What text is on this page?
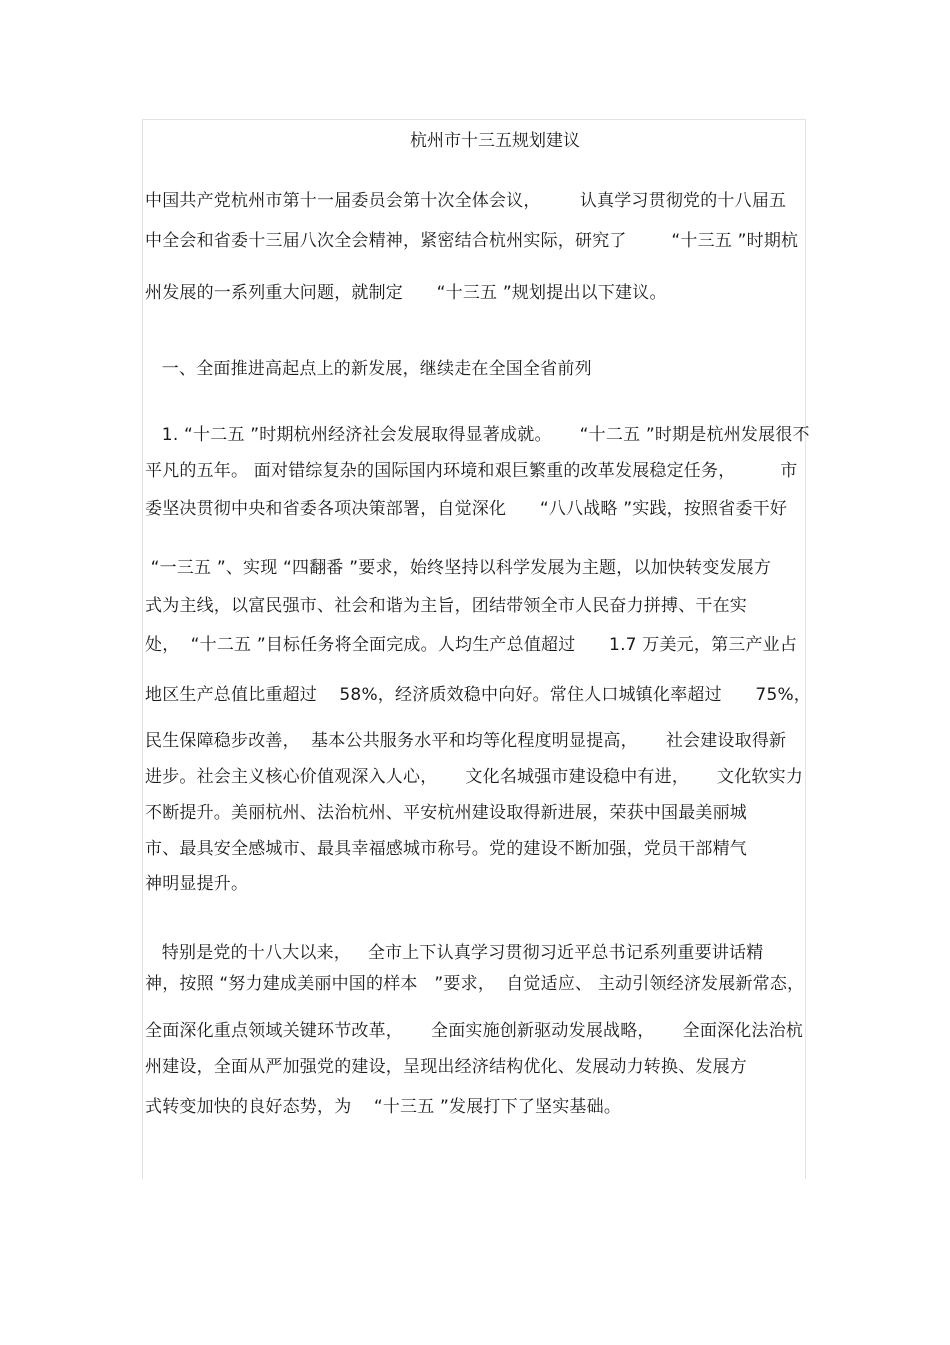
杭州市十三五规划建议
中国共产党杭州市第十一届委员会第十次全体会议，       认真学习贯彻党的十八届五
中全会和省委十三届八次全会精神，紧密结合杭州实际，研究了        “十三五 ”时期杭
州发展的一系列重大问题，就制定      “十三五 ”规划提出以下建议。
一、全面推进高起点上的新发展，继续走在全国全省前列
1. “十二五 ”时期杭州经济社会发展取得显著成就。     “十二五 ”时期是杭州发展很不
平凡的五年。 面对错综复杂的国际国内环境和艰巨繁重的改革发展稳定任务，        市
委坚决贯彻中央和省委各项决策部署，自觉深化      “八八战略 ”实践，按照省委干好
“一三五 ”、实现 “四翻番 ”要求，始终坚持以科学发展为主题，以加快转变发展方
式为主线，以富民强市、社会和谐为主旨，团结带领全市人民奋力拼搏、干在实
处，  “十二五 ”目标任务将全面完成。人均生产总值超过      1.7 万美元，第三产业占
地区生产总值比重超过    58%，经济质效稳中向好。常住人口城镇化率超过      75%，
民生保障稳步改善，  基本公共服务水平和均等化程度明显提高，     社会建设取得新
进步。社会主义核心价值观深入人心，     文化名城强市建设稳中有进，     文化软实力
不断提升。美丽杭州、法治杭州、平安杭州建设取得新进展，荣获中国最美丽城
市、最具安全感城市、最具幸福感城市称号。党的建设不断加强，党员干部精气
神明显提升。
特别是党的十八大以来，   全市上下认真学习贯彻习近平总书记系列重要讲话精
神，按照 “努力建成美丽中国的样本   ”要求，  自觉适应、 主动引领经济发展新常态，
全面深化重点领域关键环节改革，     全面实施创新驱动发展战略，     全面深化法治杭
州建设，全面从严加强党的建设，呈现出经济结构优化、发展动力转换、发展方
式转变加快的良好态势，为    “十三五 ”发展打下了坚实基础。
